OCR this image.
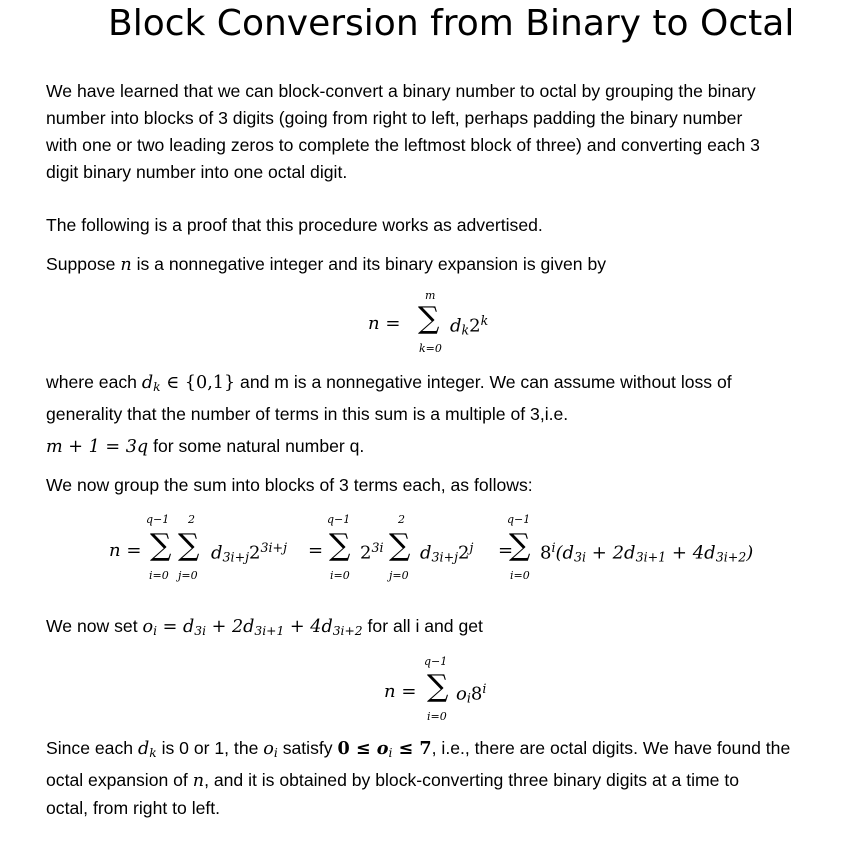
Block Conversion from Binary to Octal
We have learned that we can block-convert a binary number to octal by grouping the binary
number into blocks of 3 digits (going from right to left, perhaps padding the binary number
with one or two leading zeros to complete the leftmost block of three) and converting each 3
digit binary number into one octal digit.
The following is a proof that this procedure works as advertised.
Suppose n is a nonnegative integer and its binary expansion is given by
n =
m
∑
k=0
$d_k2^k$
where each $d_k$ ∈ {0,1} and m is a nonnegative integer. We can assume without loss of
generality that the number of terms in this sum is a multiple of 3,i.e.
m + 1 = 3q for some natural number q.
We now group the sum into blocks of 3 terms each, as follows:
n =
q−1
∑
i=0
2
∑
j=0
$d_{3i+j}2^{3i+j}$ =
q−1
∑
i=0
$2^{3i}$
2
∑
j=0
$d_{3i+j}2^j$ =
q−1
∑
i=0
$8^i(d_{3i} + 2d_{3i+1} + 4d_{3i+2})$
We now set $o_i = d_{3i} + 2d_{3i+1} + 4d_{3i+2}$ for all i and get
n =
q−1
∑
i=0
$o_i8^i$
Since each $d_k$ is 0 or 1, the $o_i$ satisfy $0 \le o_i \le 7$, i.e., there are octal digits. We have found the
octal expansion of n, and it is obtained by block-converting three binary digits at a time to
octal, from right to left.
